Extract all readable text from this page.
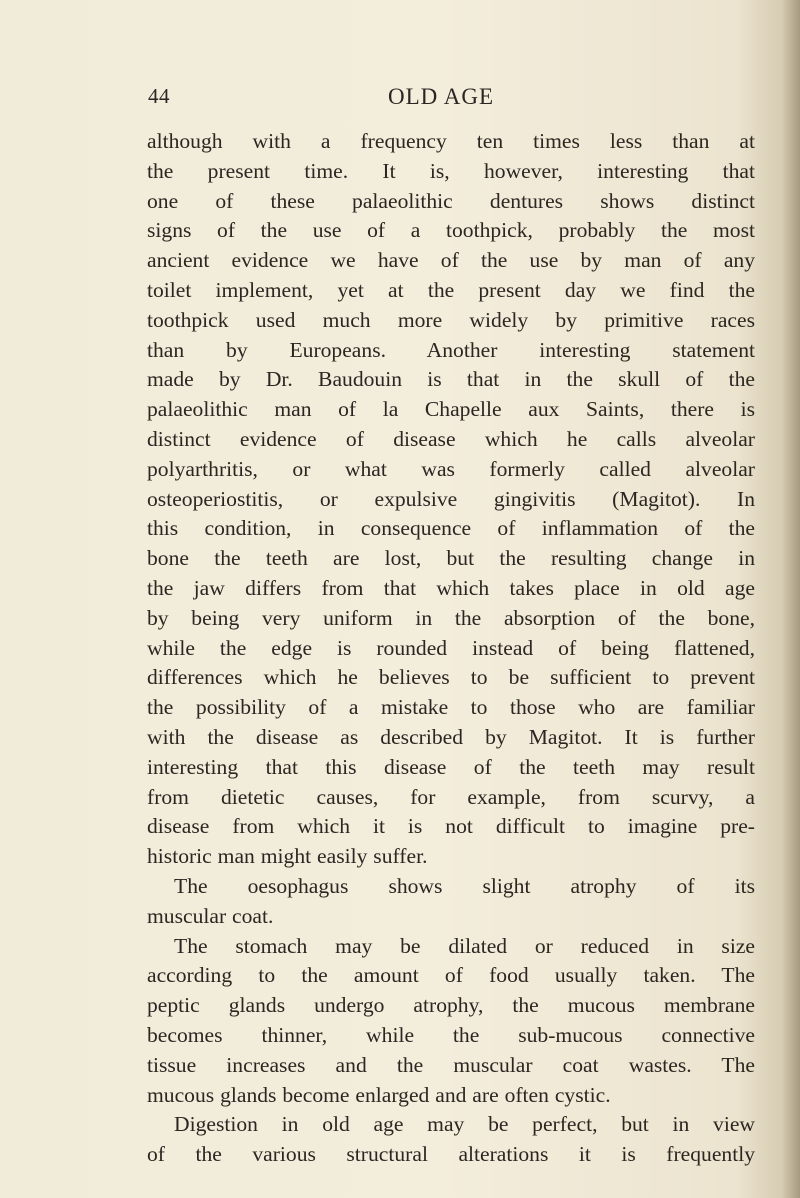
44	OLD AGE
although with a frequency ten times less than at
the present time. It is, however, interesting that
one of these palaeolithic dentures shows distinct
signs of the use of a toothpick, probably the most
ancient evidence we have of the use by man of any
toilet implement, yet at the present day we find the
toothpick used much more widely by primitive races
than by Europeans. Another interesting statement
made by Dr. Baudouin is that in the skull of the
palaeolithic man of la Chapelle aux Saints, there is
distinct evidence of disease which he calls alveolar
polyarthritis, or what was formerly called alveolar
osteoperiostitis, or expulsive gingivitis (Magitot). In
this condition, in consequence of inflammation of the
bone the teeth are lost, but the resulting change in
the jaw differs from that which takes place in old age
by being very uniform in the absorption of the bone,
while the edge is rounded instead of being flattened,
differences which he believes to be sufficient to prevent
the possibility of a mistake to those who are familiar
with the disease as described by Magitot. It is further
interesting that this disease of the teeth may result
from dietetic causes, for example, from scurvy, a
disease from which it is not difficult to imagine pre-
historic man might easily suffer.
The oesophagus shows slight atrophy of its
muscular coat.
The stomach may be dilated or reduced in size
according to the amount of food usually taken. The
peptic glands undergo atrophy, the mucous membrane
becomes thinner, while the sub-mucous connective
tissue increases and the muscular coat wastes. The
mucous glands become enlarged and are often cystic.
Digestion in old age may be perfect, but in view
of the various structural alterations it is frequently
